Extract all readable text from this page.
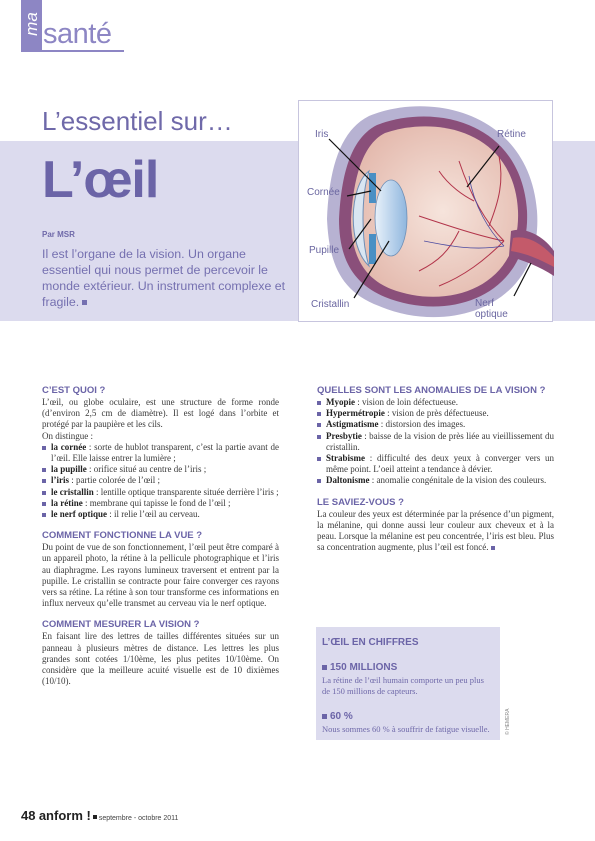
ma santé
L’essentiel sur…
L’œil
Par MSR
Il est l’organe de la vision. Un organe essentiel qui nous permet de percevoir le monde extérieur. Un instrument complexe et fragile.
Iris	Rétine
Cornée
Pupille
Cristallin	Nerf
optique
C’EST QUOI ?
L’œil, ou globe oculaire, est une structure de forme ronde (d’environ 2,5 cm de diamètre). Il est logé dans l’orbite et protégé par la paupière et les cils.
On distingue :
la cornée : sorte de hublot transparent, c’est la partie avant de l’œil. Elle laisse entrer la lumière ;
la pupille : orifice situé au centre de l’iris ;
l’iris : partie colorée de l’œil ;
le cristallin : lentille optique transparente située derrière l’iris ;
la rétine : membrane qui tapisse le fond de l’œil ;
le nerf optique : il relie l’œil au cerveau.
COMMENT FONCTIONNE LA VUE ?
Du point de vue de son fonctionnement, l’œil peut être comparé à un appareil photo, la rétine à la pellicule photographique et l’iris au diaphragme. Les rayons lumineux traversent et entrent par la pupille. Le cristallin se contracte pour faire converger ces rayons vers sa rétine. La rétine à son tour transforme ces informations en influx nerveux qu’elle transmet au cerveau via le nerf optique.
COMMENT MESURER LA VISION ?
En faisant lire des lettres de tailles différentes situées sur un panneau à plusieurs mètres de distance. Les lettres les plus grandes sont cotées 1/10ème, les plus petites 10/10ème. On considère que la meilleure acuité visuelle est de 10 dixièmes (10/10).
QUELLES SONT LES ANOMALIES DE LA VISION ?
Myopie : vision de loin défectueuse.
Hypermétropie : vision de près défectueuse.
Astigmatisme : distorsion des images.
Presbytie : baisse de la vision de près liée au vieillissement du cristallin.
Strabisme : difficulté des deux yeux à converger vers un même point. L’oeil atteint a tendance à dévier.
Daltonisme : anomalie congénitale de la vision des couleurs.
LE SAVIEZ-VOUS ?
La couleur des yeux est déterminée par la présence d’un pigment, la mélanine, qui donne aussi leur couleur aux cheveux et à la peau. Lorsque la mélanine est peu concentrée, l’iris est bleu. Plus sa concentration augmente, plus l’œil est foncé.
L’ŒIL EN CHIFFRES
150 MILLIONS
La rétine de l’œil humain comporte un peu plus de 150 millions de capteurs.
60 %
Nous sommes 60 % à souffrir de fatigue visuelle.	© HEMERA
48 anform ! septembre - octobre 2011
